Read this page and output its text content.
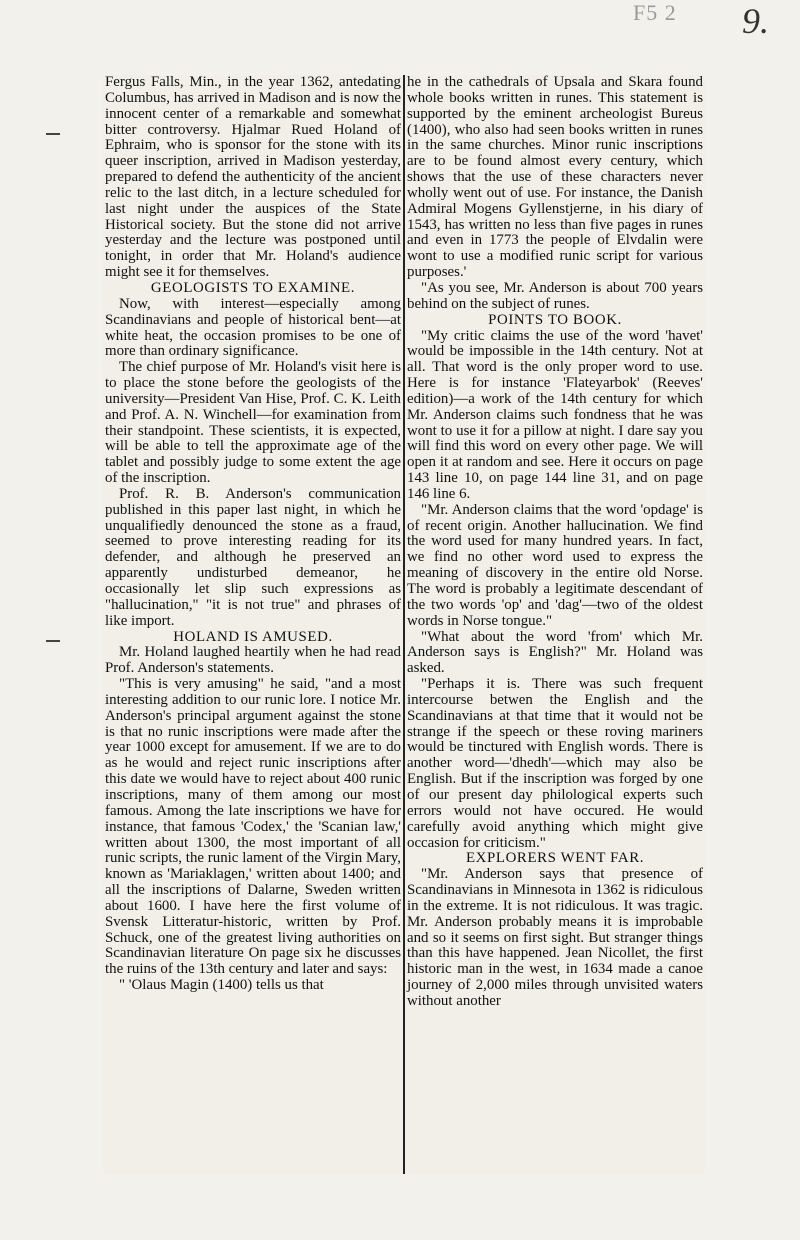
F5 2 9.

Fergus Falls, Min., in the year 1362, antedating Columbus, has arrived in Madison and is now the innocent center of a remarkable and somewhat bitter controversy. Hjalmar Rued Holand of Ephraim, who is sponsor for the stone with its queer inscription, arrived in Madison yesterday, prepared to defend the authenticity of the ancient relic to the last ditch, in a lecture scheduled for last night under the auspices of the State Historical society. But the stone did not arrive yesterday and the lecture was postponed until tonight, in order that Mr. Holand's audience might see it for themselves.

GEOLOGISTS TO EXAMINE.

Now, with interest—especially among Scandinavians and people of historical bent—at white heat, the occasion promises to be one of more than ordinary significance.

The chief purpose of Mr. Holand's visit here is to place the stone before the geologists of the university—President Van Hise, Prof. C. K. Leith and Prof. A. N. Winchell—for examination from their standpoint. These scientists, it is expected, will be able to tell the approximate age of the tablet and possibly judge to some extent the age of the inscription.

Prof. R. B. Anderson's communication published in this paper last night, in which he unqualifiedly denounced the stone as a fraud, seemed to prove interesting reading for its defender, and although he preserved an apparently undisturbed demeanor, he occasionally let slip such expressions as "hallucination," "it is not true" and phrases of like import.

HOLAND IS AMUSED.

Mr. Holand laughed heartily when he had read Prof. Anderson's statements.

"This is very amusing" he said, "and a most interesting addition to our runic lore. I notice Mr. Anderson's principal argument against the stone is that no runic inscriptions were made after the year 1000 except for amusement. If we are to do as he would and reject runic inscriptions after this date we would have to reject about 400 runic inscriptions, many of them among our most famous. Among the late inscriptions we have for instance, that famous 'Codex,' the 'Scanian law,' written about 1300, the most important of all runic scripts, the runic lament of the Virgin Mary, known as 'Mariaklagen,' written about 1400; and all the inscriptions of Dalarne, Sweden written about 1600. I have here the first volume of Svensk Litteratur-historic, written by Prof. Schuck, one of the greatest living authorities on Scandinavian literature On page six he discusses the ruins of the 13th century and later and says:

" 'Olaus Magin (1400) tells us that

he in the cathedrals of Upsala and Skara found whole books written in runes. This statement is supported by the eminent archeologist Bureus (1400), who also had seen books written in runes in the same churches. Minor runic inscriptions are to be found almost every century, which shows that the use of these characters never wholly went out of use. For instance, the Danish Admiral Mogens Gyllenstjerne, in his diary of 1543, has written no less than five pages in runes and even in 1773 the people of Elvdalin were wont to use a modified runic script for various purposes.'

"As you see, Mr. Anderson is about 700 years behind on the subject of runes.

POINTS TO BOOK.

"My critic claims the use of the word 'havet' would be impossible in the 14th century. Not at all. That word is the only proper word to use. Here is for instance 'Flateyarbok' (Reeves' edition)—a work of the 14th century for which Mr. Anderson claims such fondness that he was wont to use it for a pillow at night. I dare say you will find this word on every other page. We will open it at random and see. Here it occurs on page 143 line 10, on page 144 line 31, and on page 146 line 6.

"Mr. Anderson claims that the word 'opdage' is of recent origin. Another hallucination. We find the word used for many hundred years. In fact, we find no other word used to express the meaning of discovery in the entire old Norse. The word is probably a legitimate descendant of the two words 'op' and 'dag'—two of the oldest words in Norse tongue."

"What about the word 'from' which Mr. Anderson says is English?" Mr. Holand was asked.

"Perhaps it is. There was such frequent intercourse betwen the English and the Scandinavians at that time that it would not be strange if the speech or these roving mariners would be tinctured with English words. There is another word—'dhedh'—which may also be English. But if the inscription was forged by one of our present day philological experts such errors would not have occured. He would carefully avoid anything which might give occasion for criticism."

EXPLORERS WENT FAR.

"Mr. Anderson says that presence of Scandinavians in Minnesota in 1362 is ridiculous in the extreme. It is not ridiculous. It was tragic. Mr. Anderson probably means it is improbable and so it seems on first sight. But stranger things than this have happened. Jean Nicollet, the first historic man in the west, in 1634 made a canoe journey of 2,000 miles through unvisited waters without another
